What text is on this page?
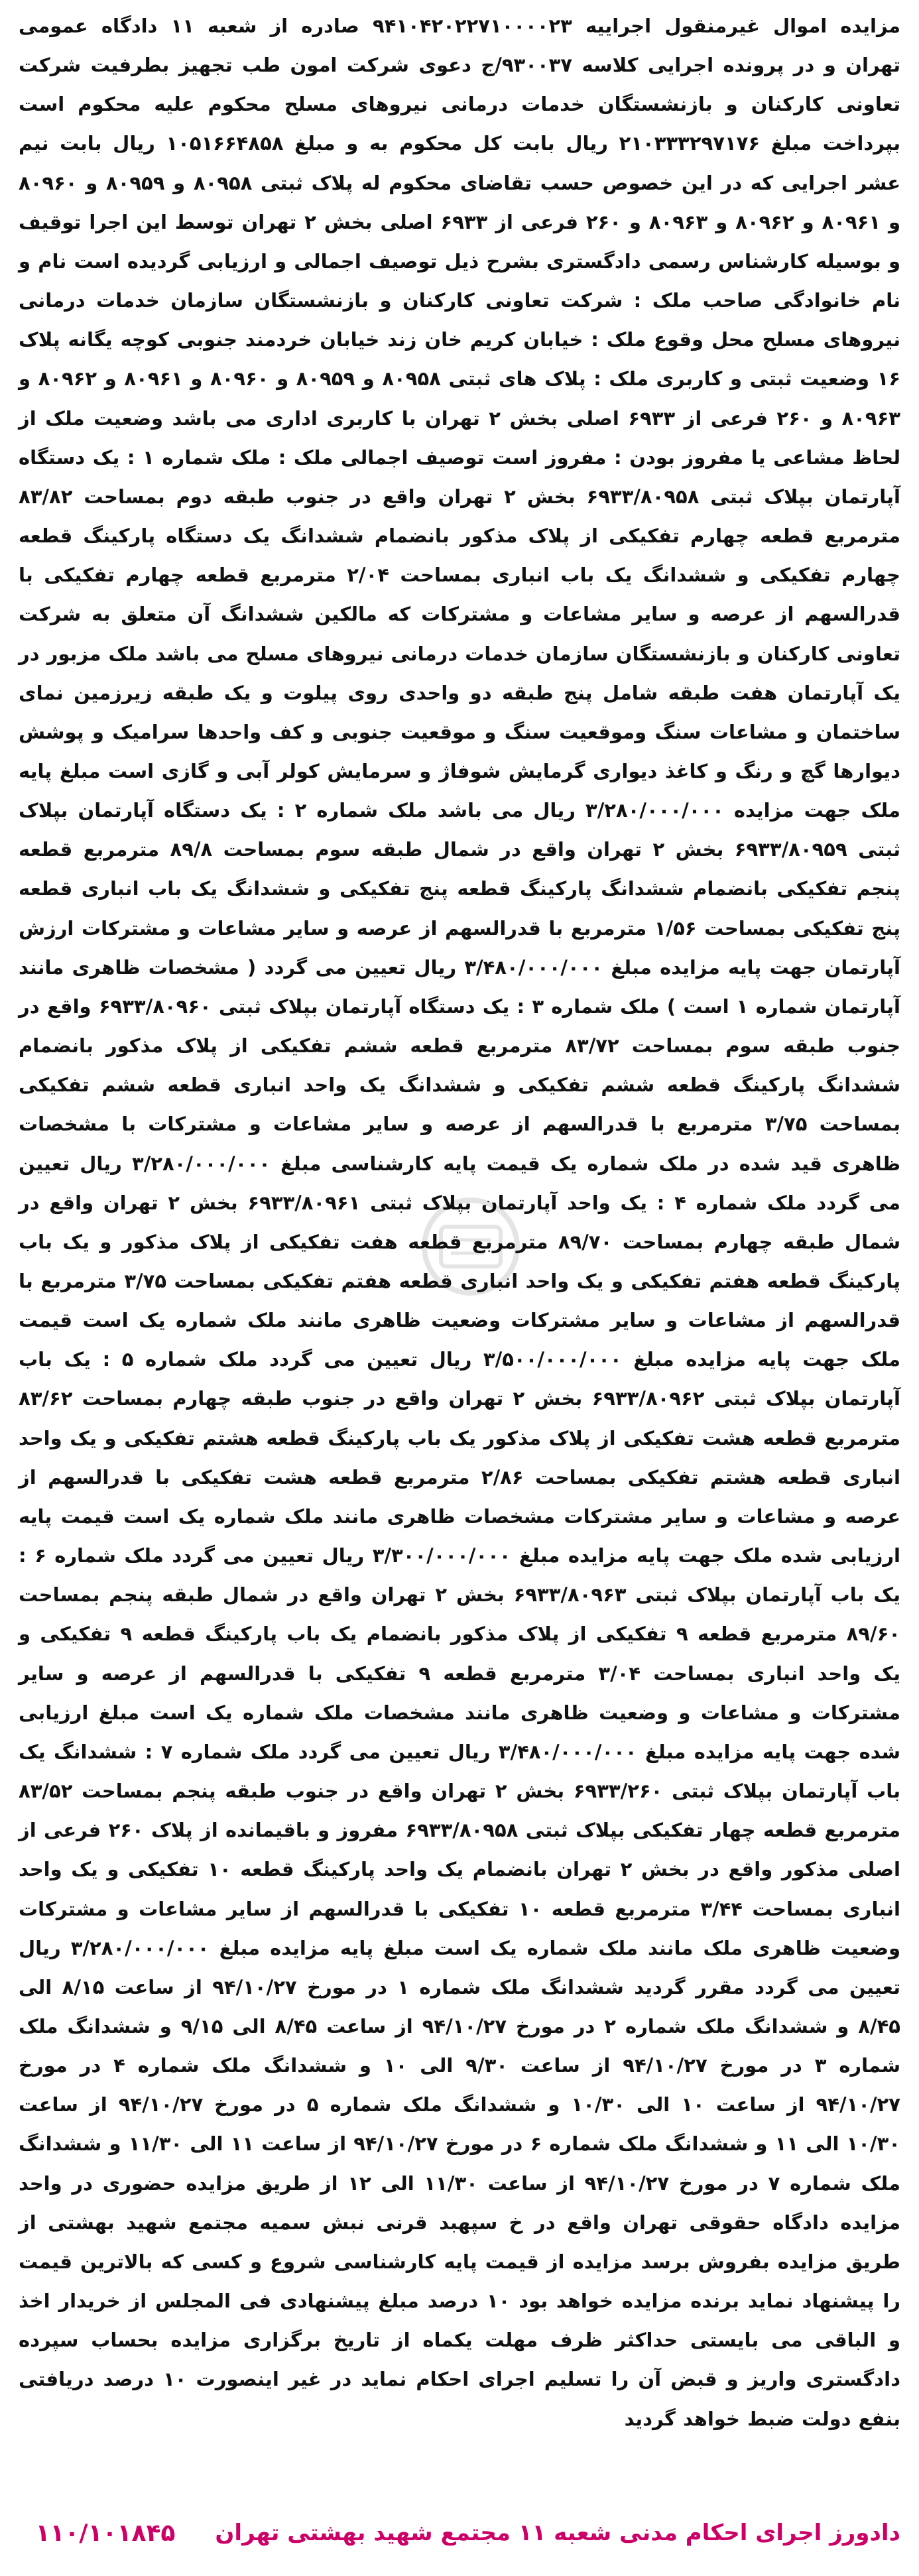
مزایده اموال غیرمنقول اجراییه ۹۴۱۰۴۲۰۲۲۷۱۰۰۰۰۲۳ صادره از شعبه ۱۱ دادگاه عمومی تهران و در پرونده اجرایی کلاسه ۹۳۰۰۳۷/ج دعوی شرکت امون طب تجهیز بطرفیت شرکت تعاونی کارکنان و بازنشستگان خدمات درمانی نیروهای مسلح محکوم علیه محکوم است بپرداخت مبلغ ۲۱۰۳۳۳۲۹۷۱۷۶ ریال بابت کل محکوم به و مبلغ ۱۰۵۱۶۶۴۸۵۸ ریال بابت نیم عشر اجرایی که در این خصوص حسب تقاضای محکوم له پلاک ثبتی ۸۰۹۵۸ و ۸۰۹۵۹ و ۸۰۹۶۰ و ۸۰۹۶۱ و ۸۰۹۶۲ و ۸۰۹۶۳ و ۲۶۰ فرعی از ۶۹۳۳ اصلی بخش ۲ تهران توسط این اجرا توقیف و بوسیله کارشناس رسمی دادگستری بشرح ذیل توصیف اجمالی و ارزیابی گردیده است نام و نام خانوادگی صاحب ملک : شرکت تعاونی کارکنان و بازنشستگان سازمان خدمات درمانی نیروهای مسلح محل وقوع ملک : خیابان کریم خان زند خیابان خردمند جنوبی کوچه یگانه پلاک ۱۶ وضعیت ثبتی و کاربری ملک : پلاک های ثبتی ۸۰۹۵۸ و ۸۰۹۵۹ و ۸۰۹۶۰ و ۸۰۹۶۱ و ۸۰۹۶۲ و ۸۰۹۶۳ و ۲۶۰ فرعی از ۶۹۳۳ اصلی بخش ۲ تهران با کاربری اداری می باشد وضعیت ملک از لحاظ مشاعی یا مفروز بودن : مفروز است توصیف اجمالی ملک : ملک شماره ۱ : یک دستگاه آپارتمان بپلاک ثبتی ۶۹۳۳/۸۰۹۵۸ بخش ۲ تهران واقع در جنوب طبقه دوم بمساحت ۸۳/۸۲ مترمربع قطعه چهارم تفکیکی از پلاک مذکور بانضمام ششدانگ یک دستگاه پارکینگ قطعه چهارم تفکیکی و ششدانگ یک باب انباری بمساحت ۲/۰۴ مترمربع قطعه چهارم تفکیکی با قدرالسهم از عرصه و سایر مشاعات و مشترکات که مالکین ششدانگ آن متعلق به شرکت تعاونی کارکنان و بازنشستگان سازمان خدمات درمانی نیروهای مسلح می باشد ملک مزبور در یک آپارتمان هفت طبقه شامل پنج طبقه دو واحدی روی پیلوت و یک طبقه زیرزمین نمای ساختمان و مشاعات سنگ وموقعیت سنگ و موقعیت جنوبی و کف واحدها سرامیک و پوشش دیوارها گچ و رنگ و کاغذ دیواری گرمایش شوفاژ و سرمایش کولر آبی و گازی است مبلغ پایه ملک جهت مزایده ۳/۲۸۰/۰۰۰/۰۰۰ ریال می باشد ملک شماره ۲ : یک دستگاه آپارتمان بپلاک ثبتی ۶۹۳۳/۸۰۹۵۹ بخش ۲ تهران واقع در شمال طبقه سوم بمساحت ۸۹/۸ مترمربع قطعه پنجم تفکیکی بانضمام ششدانگ پارکینگ قطعه پنج تفکیکی و ششدانگ یک باب انباری قطعه پنج تفکیکی بمساحت ۱/۵۶ مترمربع با قدرالسهم از عرصه و سایر مشاعات و مشترکات ارزش آپارتمان جهت پایه مزایده مبلغ ۳/۴۸۰/۰۰۰/۰۰۰ ریال تعیین می گردد ( مشخصات ظاهری مانند آپارتمان شماره ۱ است ) ملک شماره ۳ : یک دستگاه آپارتمان بپلاک ثبتی ۶۹۳۳/۸۰۹۶۰ واقع در جنوب طبقه سوم بمساحت ۸۳/۷۲ مترمربع قطعه ششم تفکیکی از پلاک مذکور بانضمام ششدانگ پارکینگ قطعه ششم تفکیکی و ششدانگ یک واحد انباری قطعه ششم تفکیکی بمساحت ۳/۷۵ مترمربع با قدرالسهم از عرصه و سایر مشاعات و مشترکات با مشخصات ظاهری قید شده در ملک شماره یک قیمت پایه کارشناسی مبلغ ۳/۲۸۰/۰۰۰/۰۰۰ ریال تعیین می گردد ملک شماره ۴ : یک واحد آپارتمان بپلاک ثبتی ۶۹۳۳/۸۰۹۶۱ بخش ۲ تهران واقع در شمال طبقه چهارم بمساحت ۸۹/۷۰ مترمربع قطعه هفت تفکیکی از پلاک مذکور و یک باب پارکینگ قطعه هفتم تفکیکی و یک واحد انباری قطعه هفتم تفکیکی بمساحت ۳/۷۵ مترمربع با قدرالسهم از مشاعات و سایر مشترکات وضعیت ظاهری مانند ملک شماره یک است قیمت ملک جهت پایه مزایده مبلغ ۳/۵۰۰/۰۰۰/۰۰۰ ریال تعیین می گردد ملک شماره ۵ : یک باب آپارتمان بپلاک ثبتی ۶۹۳۳/۸۰۹۶۲ بخش ۲ تهران واقع در جنوب طبقه چهارم بمساحت ۸۳/۶۲ مترمربع قطعه هشت تفکیکی از پلاک مذکور یک باب پارکینگ قطعه هشتم تفکیکی و یک واحد انباری قطعه هشتم تفکیکی بمساحت ۲/۸۶ مترمربع قطعه هشت تفکیکی با قدرالسهم از عرصه و مشاعات و سایر مشترکات مشخصات ظاهری مانند ملک شماره یک است قیمت پایه ارزیابی شده ملک جهت پایه مزایده مبلغ ۳/۳۰۰/۰۰۰/۰۰۰ ریال تعیین می گردد ملک شماره ۶ : یک باب آپارتمان بپلاک ثبتی ۶۹۳۳/۸۰۹۶۳ بخش ۲ تهران واقع در شمال طبقه پنجم بمساحت ۸۹/۶۰ مترمربع قطعه ۹ تفکیکی از پلاک مذکور بانضمام یک باب پارکینگ قطعه ۹ تفکیکی و یک واحد انباری بمساحت ۳/۰۴ مترمربع قطعه ۹ تفکیکی با قدرالسهم از عرصه و سایر مشترکات و مشاعات و وضعیت ظاهری مانند مشخصات ملک شماره یک است مبلغ ارزیابی شده جهت پایه مزایده مبلغ ۳/۴۸۰/۰۰۰/۰۰۰ ریال تعیین می گردد ملک شماره ۷ : ششدانگ یک باب آپارتمان بپلاک ثبتی ۶۹۳۳/۲۶۰ بخش ۲ تهران واقع در جنوب طبقه پنجم بمساحت ۸۳/۵۲ مترمربع قطعه چهار تفکیکی بپلاک ثبتی ۶۹۳۳/۸۰۹۵۸ مفروز و باقیمانده از پلاک ۲۶۰ فرعی از اصلی مذکور واقع در بخش ۲ تهران بانضمام یک واحد پارکینگ قطعه ۱۰ تفکیکی و یک واحد انباری بمساحت ۳/۴۴ مترمربع قطعه ۱۰ تفکیکی با قدرالسهم از سایر مشاعات و مشترکات وضعیت ظاهری ملک مانند ملک شماره یک است مبلغ پایه مزایده مبلغ ۳/۲۸۰/۰۰۰/۰۰۰ ریال تعیین می گردد مقرر گردید ششدانگ ملک شماره ۱ در مورخ ۹۴/۱۰/۲۷ از ساعت ۸/۱۵ الی ۸/۴۵ و ششدانگ ملک شماره ۲ در مورخ ۹۴/۱۰/۲۷ از ساعت ۸/۴۵ الی ۹/۱۵ و ششدانگ ملک شماره ۳ در مورخ ۹۴/۱۰/۲۷ از ساعت ۹/۳۰ الی ۱۰ و ششدانگ ملک شماره ۴ در مورخ ۹۴/۱۰/۲۷ از ساعت ۱۰ الی ۱۰/۳۰ و ششدانگ ملک شماره ۵ در مورخ ۹۴/۱۰/۲۷ از ساعت ۱۰/۳۰ الی ۱۱ و ششدانگ ملک شماره ۶ در مورخ ۹۴/۱۰/۲۷ از ساعت ۱۱ الی ۱۱/۳۰ و ششدانگ ملک شماره ۷ در مورخ ۹۴/۱۰/۲۷ از ساعت ۱۱/۳۰ الی ۱۲ از طریق مزایده حضوری در واحد مزایده دادگاه حقوقی تهران واقع در خ سپهبد قرنی نبش سمیه مجتمع شهید بهشتی از طریق مزایده بفروش برسد مزایده از قیمت پایه کارشناسی شروع و کسی که بالاترین قیمت را پیشنهاد نماید برنده مزایده خواهد بود ۱۰ درصد مبلغ پیشنهادی فی المجلس از خریدار اخذ و الباقی می بایستی حداکثر ظرف مهلت یکماه از تاریخ برگزاری مزایده بحساب سپرده دادگستری واریز و قبض آن را تسلیم اجرای احکام نماید در غیر اینصورت ۱۰ درصد دریافتی بنفع دولت ضبط خواهد گردید
دادورز اجرای احکام مدنی شعبه ۱۱ مجتمع شهید بهشتی تهران
۱۱۰/۱۰۱۸۴۵
